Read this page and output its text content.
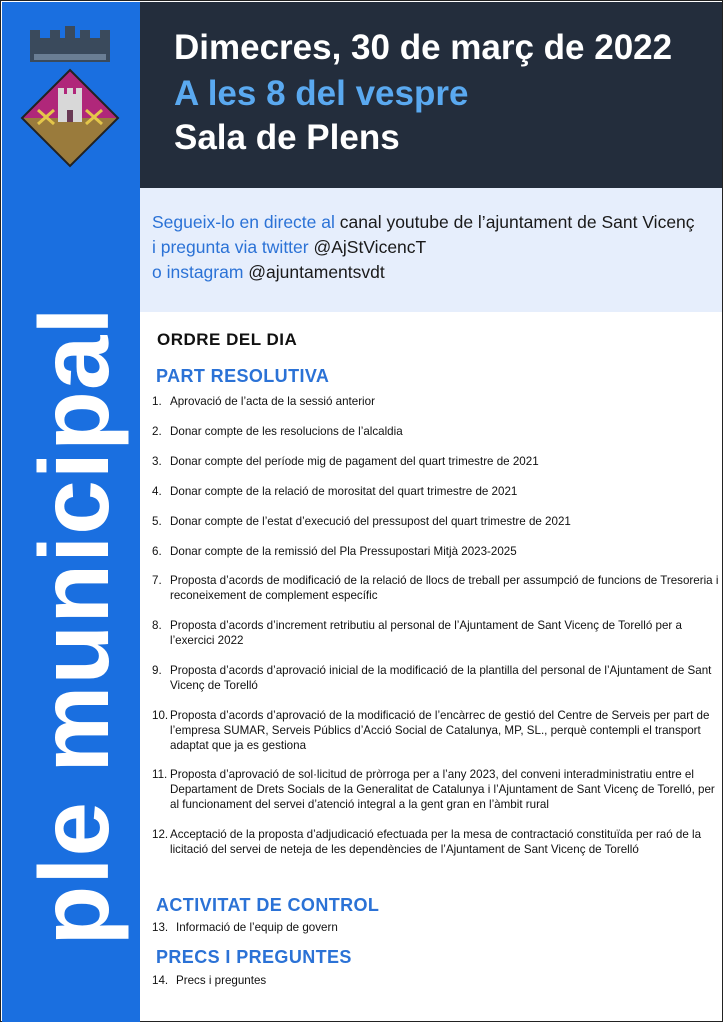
ple municipal
Dimecres, 30 de març de 2022
A les 8 del vespre
Sala de Plens
Segueix-lo en directe al canal youtube de l’ajuntament de Sant Vicenç
i pregunta via twitter @AjStVicencT
o instagram @ajuntamentsvdt
ORDRE DEL DIA
PART RESOLUTIVA
1. Aprovació de l’acta de la sessió anterior
2. Donar compte de les resolucions de l’alcaldia
3. Donar compte del període mig de pagament del quart trimestre de 2021
4. Donar compte de la relació de morositat del quart trimestre de 2021
5. Donar compte de l’estat d’execució del pressupost del quart trimestre de 2021
6. Donar compte de la remissió del Pla Pressupostari Mitjà 2023-2025
7. Proposta d’acords de modificació de la relació de llocs de treball per assumpció de funcions de Tresoreria i reconeixement de complement específic
8. Proposta d’acords d’increment retributiu al personal de l’Ajuntament de Sant Vicenç de Torelló per a l’exercici 2022
9. Proposta d’acords d’aprovació inicial de la modificació de la plantilla del personal de l’Ajuntament de Sant Vicenç de Torelló
10. Proposta d’acords d’aprovació de la modificació de l’encàrrec de gestió del Centre de Serveis per part de l’empresa SUMAR, Serveis Públics d’Acció Social de Catalunya, MP, SL., perquè contempli el transport adaptat que ja es gestiona
11. Proposta d’aprovació de sol·licitud de pròrroga per a l’any 2023, del conveni interadministratiu entre el Departament de Drets Socials de la Generalitat de Catalunya i l’Ajuntament de Sant Vicenç de Torelló, per al funcionament del servei d’atenció integral a la gent gran en l’àmbit rural
12. Acceptació de la proposta d’adjudicació efectuada per la mesa de contractació constituïda per raó de la licitació del servei de neteja de les dependències de l’Ajuntament de Sant Vicenç de Torelló
ACTIVITAT DE CONTROL
13. Informació de l’equip de govern
PRECS I PREGUNTES
14. Precs i preguntes
